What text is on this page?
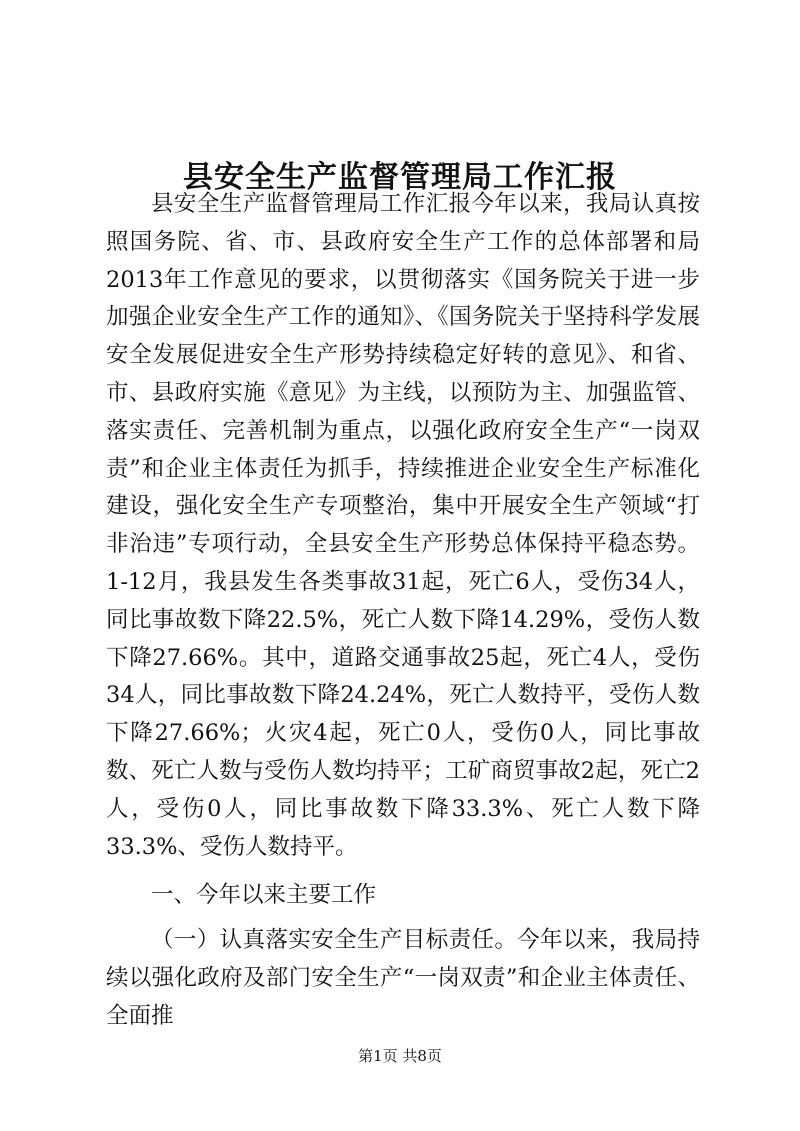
县安全生产监督管理局工作汇报

县安全生产监督管理局工作汇报今年以来，我局认真按照国务院、省、市、县政府安全生产工作的总体部署和局2013年工作意见的要求，以贯彻落实《国务院关于进一步加强企业安全生产工作的通知》、《国务院关于坚持科学发展安全发展促进安全生产形势持续稳定好转的意见》、和省、市、县政府实施《意见》为主线，以预防为主、加强监管、落实责任、完善机制为重点，以强化政府安全生产“一岗双责”和企业主体责任为抓手，持续推进企业安全生产标准化建设，强化安全生产专项整治，集中开展安全生产领域“打非治违”专项行动，全县安全生产形势总体保持平稳态势。1-12月，我县发生各类事故31起，死亡6人，受伤34人，同比事故数下降22.5%，死亡人数下降14.29%，受伤人数下降27.66%。其中，道路交通事故25起，死亡4人，受伤34人，同比事故数下降24.24%，死亡人数持平，受伤人数下降27.66%；火灾4起，死亡0人，受伤0人，同比事故数、死亡人数与受伤人数均持平；工矿商贸事故2起，死亡2人，受伤0人，同比事故数下降33.3%、死亡人数下降33.3%、受伤人数持平。

一、今年以来主要工作

（一）认真落实安全生产目标责任。今年以来，我局持续以强化政府及部门安全生产“一岗双责”和企业主体责任、全面推

第1页 共8页
